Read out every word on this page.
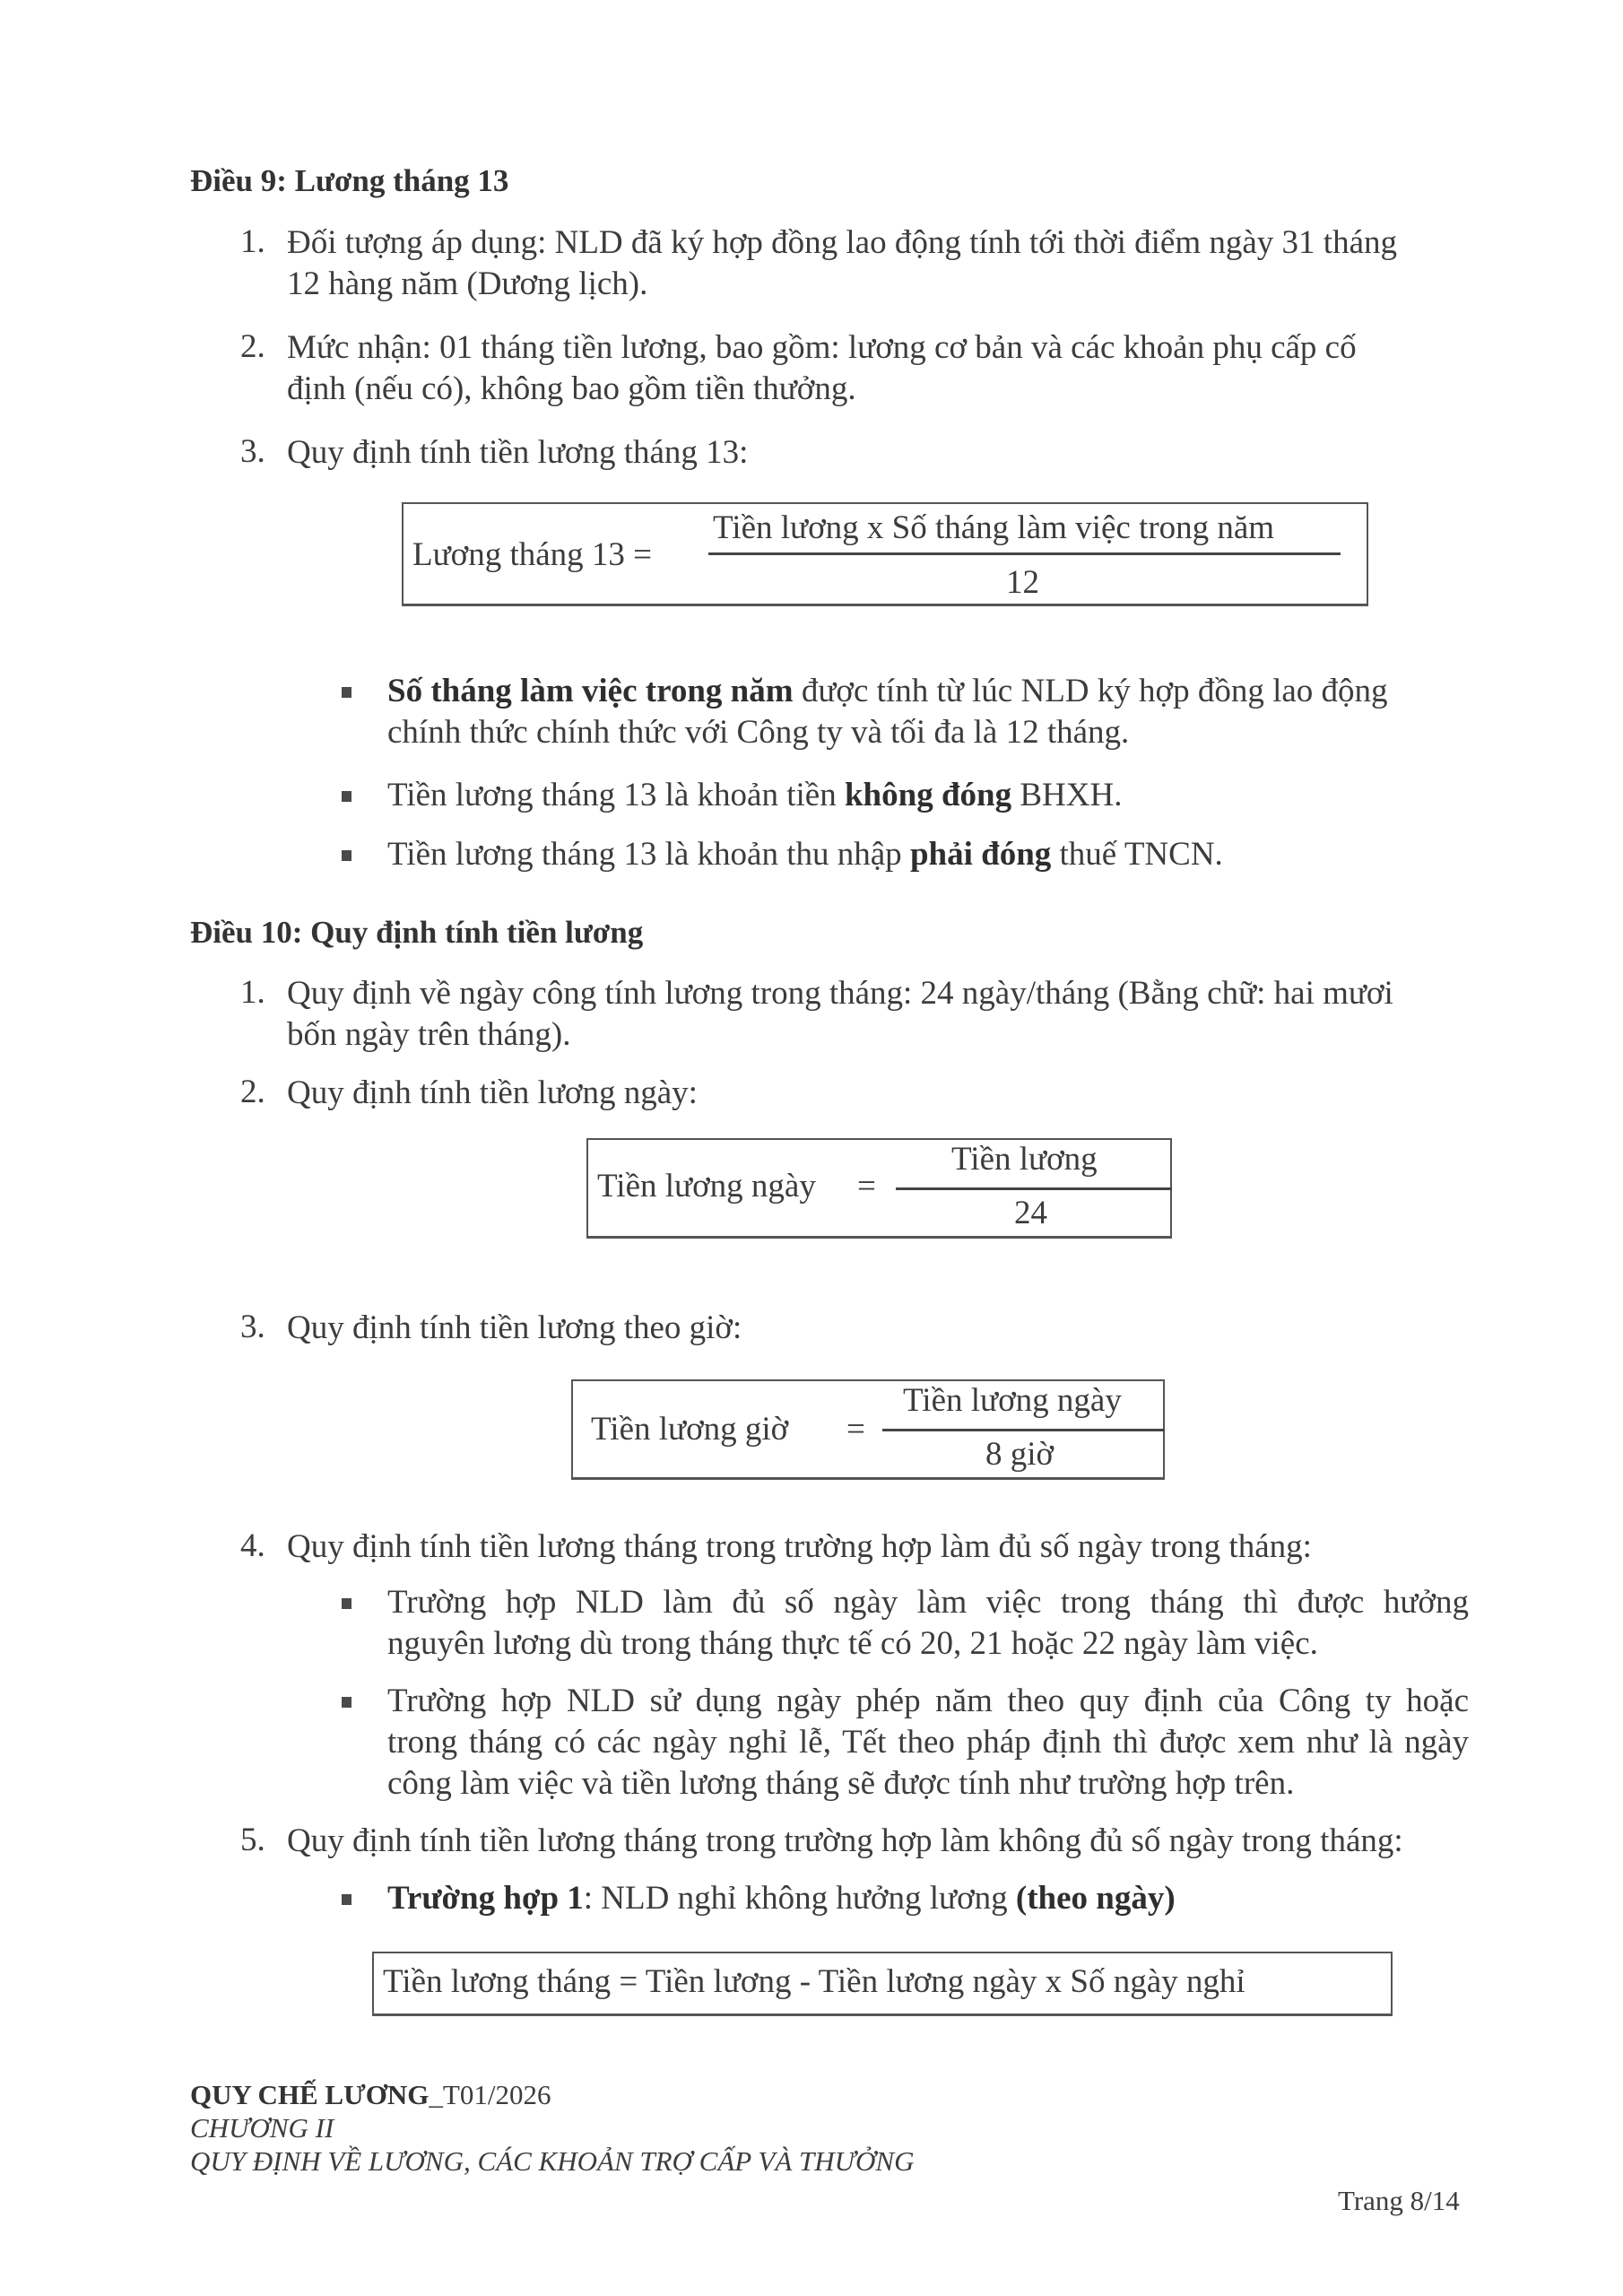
Điều 9: Lương tháng 13
1. Đối tượng áp dụng: NLD đã ký hợp đồng lao động tính tới thời điểm ngày 31 tháng
12 hàng năm (Dương lịch).
2. Mức nhận: 01 tháng tiền lương, bao gồm: lương cơ bản và các khoản phụ cấp cố
định (nếu có), không bao gồm tiền thưởng.
3. Quy định tính tiền lương tháng 13:
Lương tháng 13 =
Tiền lương x Số tháng làm việc trong năm
12
Số tháng làm việc trong năm được tính từ lúc NLD ký hợp đồng lao động
chính thức chính thức với Công ty và tối đa là 12 tháng.
Tiền lương tháng 13 là khoản tiền không đóng BHXH.
Tiền lương tháng 13 là khoản thu nhập phải đóng thuế TNCN.
Điều 10: Quy định tính tiền lương
1. Quy định về ngày công tính lương trong tháng: 24 ngày/tháng (Bằng chữ: hai mươi
bốn ngày trên tháng).
2. Quy định tính tiền lương ngày:
Tiền lương ngày =
Tiền lương
24
3. Quy định tính tiền lương theo giờ:
Tiền lương giờ =
Tiền lương ngày
8 giờ
4. Quy định tính tiền lương tháng trong trường hợp làm đủ số ngày trong tháng:
Trường hợp NLD làm đủ số ngày làm việc trong tháng thì được hưởng
nguyên lương dù trong tháng thực tế có 20, 21 hoặc 22 ngày làm việc.
Trường hợp NLD sử dụng ngày phép năm theo quy định của Công ty hoặc
trong tháng có các ngày nghỉ lễ, Tết theo pháp định thì được xem như là ngày
công làm việc và tiền lương tháng sẽ được tính như trường hợp trên.
5. Quy định tính tiền lương tháng trong trường hợp làm không đủ số ngày trong tháng:
Trường hợp 1: NLD nghỉ không hưởng lương (theo ngày)
Tiền lương tháng = Tiền lương - Tiền lương ngày x Số ngày nghỉ
QUY CHẾ LƯƠNG_T01/2026
CHƯƠNG II
QUY ĐỊNH VỀ LƯƠNG, CÁC KHOẢN TRỢ CẤP VÀ THƯỞNG
Trang 8/14
